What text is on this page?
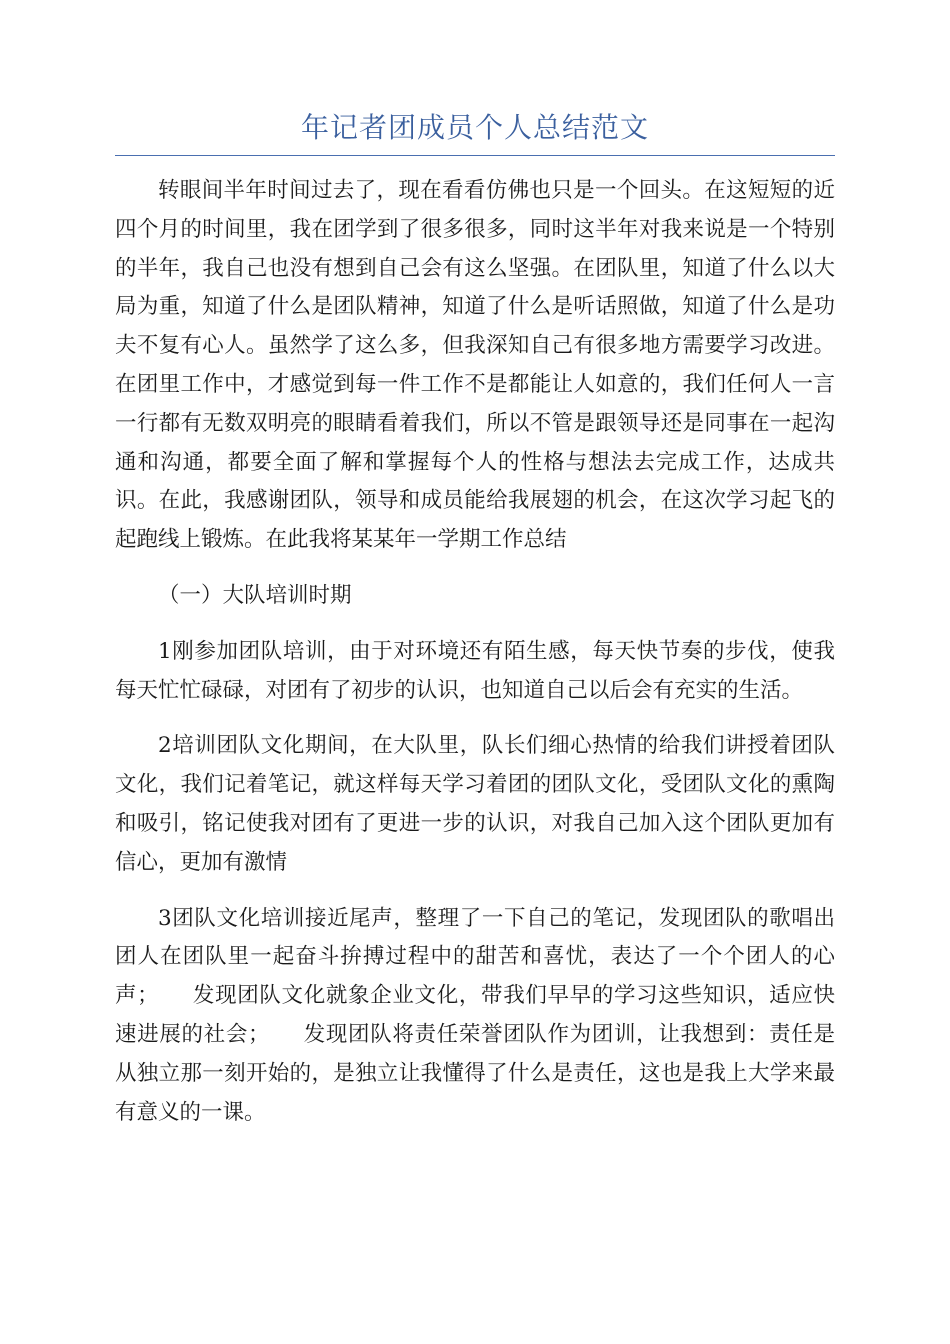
年记者团成员个人总结范文

转眼间半年时间过去了，现在看看仿佛也只是一个回头。在这短短的近四个月的时间里，我在团学到了很多很多，同时这半年对我来说是一个特别的半年，我自己也没有想到自己会有这么坚强。在团队里，知道了什么以大局为重，知道了什么是团队精神，知道了什么是听话照做，知道了什么是功夫不复有心人。虽然学了这么多，但我深知自己有很多地方需要学习改进。在团里工作中，才感觉到每一件工作不是都能让人如意的，我们任何人一言一行都有无数双明亮的眼睛看着我们，所以不管是跟领导还是同事在一起沟通和沟通，都要全面了解和掌握每个人的性格与想法去完成工作，达成共识。在此，我感谢团队，领导和成员能给我展翅的机会，在这次学习起飞的起跑线上锻炼。在此我将某某年一学期工作总结

（一）大队培训时期

1刚参加团队培训，由于对环境还有陌生感，每天快节奏的步伐，使我每天忙忙碌碌，对团有了初步的认识，也知道自己以后会有充实的生活。

2培训团队文化期间，在大队里，队长们细心热情的给我们讲授着团队文化，我们记着笔记，就这样每天学习着团的团队文化，受团队文化的熏陶和吸引，铭记使我对团有了更进一步的认识，对我自己加入这个团队更加有信心，更加有激情

3团队文化培训接近尾声，整理了一下自己的笔记，发现团队的歌唱出团人在团队里一起奋斗拚搏过程中的甜苦和喜忧，表达了一个个团人的心声；　　发现团队文化就象企业文化，带我们早早的学习这些知识，适应快速进展的社会；　　发现团队将责任荣誉团队作为团训，让我想到：责任是从独立那一刻开始的，是独立让我懂得了什么是责任，这也是我上大学来最有意义的一课。
